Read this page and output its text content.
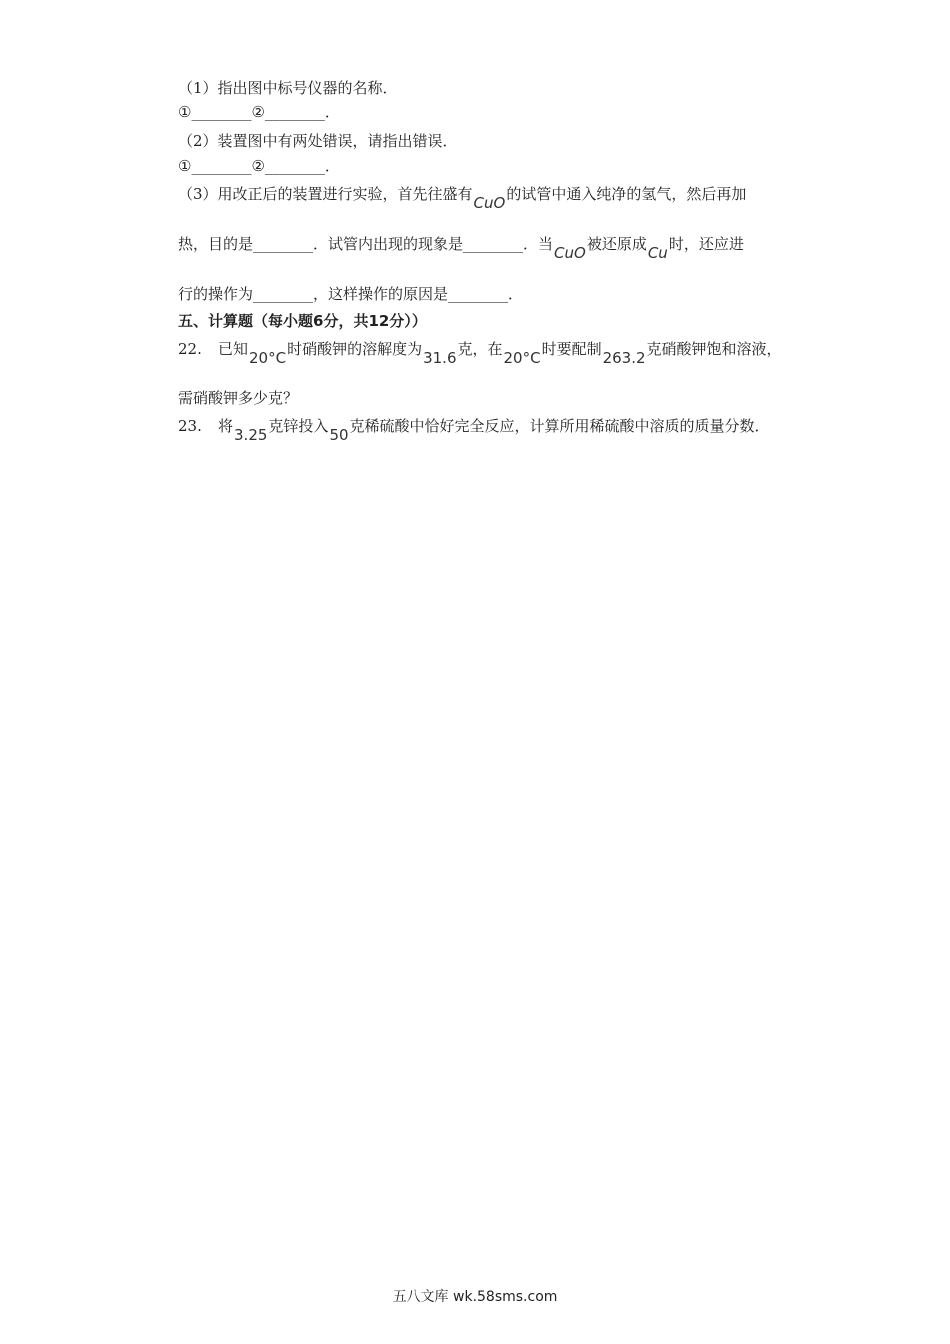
（1）指出图中标号仪器的名称．
①________②________．
（2）装置图中有两处错误，请指出错误．
①________②________．
（3）用改正后的装置进行实验，首先往盛有CuO的试管中通入纯净的氢气，然后再加
热，目的是________．试管内出现的现象是________．当CuO被还原成Cu时，还应进
行的操作为________，这样操作的原因是________．
五、计算题（每小题6分，共12分））
22. 已知20°C时硝酸钾的溶解度为31.6克，在20°C时要配制263.2克硝酸钾饱和溶液，
需硝酸钾多少克？
23. 将3.25克锌投入50克稀硫酸中恰好完全反应，计算所用稀硫酸中溶质的质量分数．
五八文库 wk.58sms.com
